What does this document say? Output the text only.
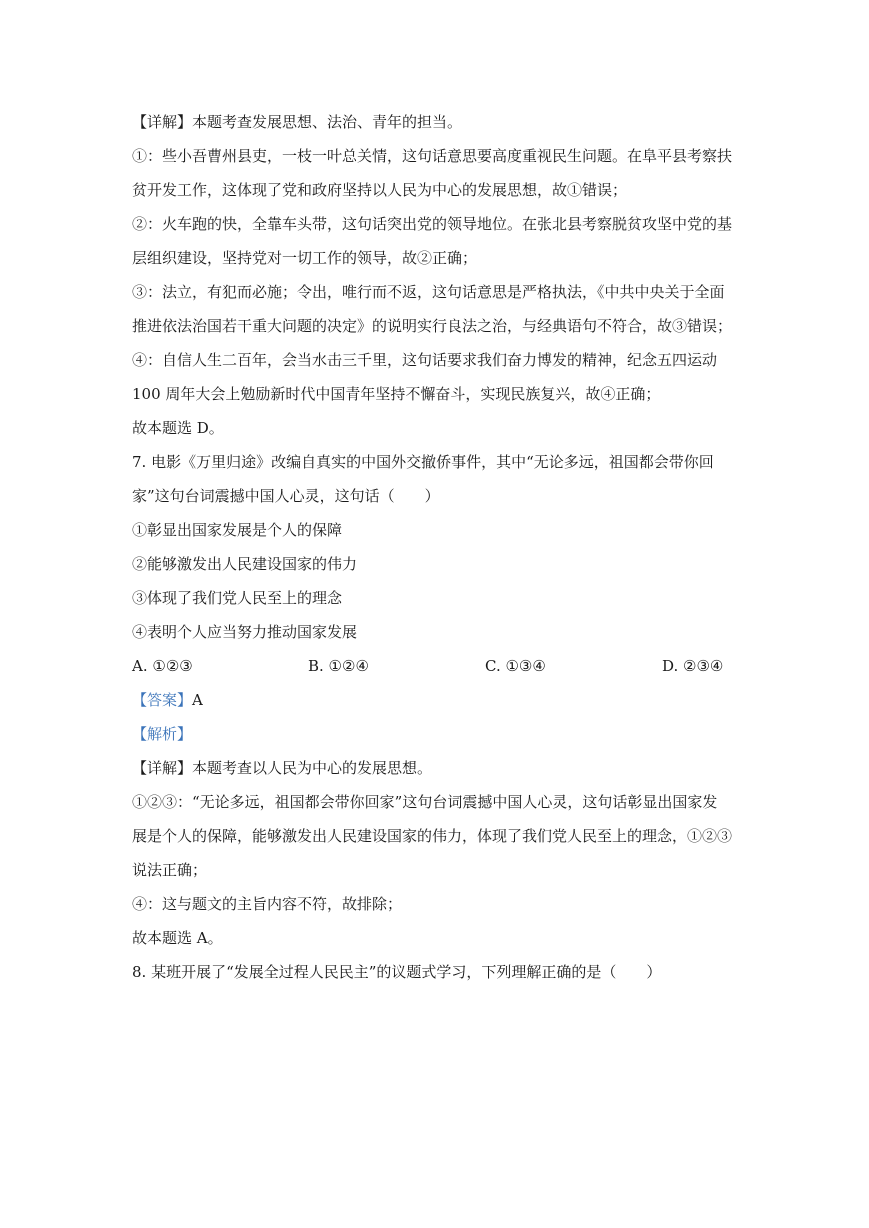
【详解】本题考查发展思想、法治、青年的担当。
①：些小吾曹州县吏，一枝一叶总关情，这句话意思要高度重视民生问题。在阜平县考察扶
贫开发工作，这体现了党和政府坚持以人民为中心的发展思想，故①错误；
②：火车跑的快，全靠车头带，这句话突出党的领导地位。在张北县考察脱贫攻坚中党的基
层组织建设，坚持党对一切工作的领导，故②正确；
③：法立，有犯而必施；令出，唯行而不返，这句话意思是严格执法，《中共中央关于全面
推进依法治国若干重大问题的决定》的说明实行良法之治，与经典语句不符合，故③错误；
④：自信人生二百年，会当水击三千里，这句话要求我们奋力博发的精神，纪念五四运动
100 周年大会上勉励新时代中国青年坚持不懈奋斗，实现民族复兴，故④正确；
故本题选 D。
7. 电影《万里归途》改编自真实的中国外交撤侨事件，其中“无论多远，祖国都会带你回
家”这句台词震撼中国人心灵，这句话（　　）
①彰显出国家发展是个人的保障
②能够激发出人民建设国家的伟力
③体现了我们党人民至上的理念
④表明个人应当努力推动国家发展
A. ①②③	B. ①②④	C. ①③④	D. ②③④
【答案】A
【解析】
【详解】本题考查以人民为中心的发展思想。
①②③：“无论多远，祖国都会带你回家”这句台词震撼中国人心灵，这句话彰显出国家发
展是个人的保障，能够激发出人民建设国家的伟力，体现了我们党人民至上的理念，①②③
说法正确；
④：这与题文的主旨内容不符，故排除；
故本题选 A。
8. 某班开展了“发展全过程人民民主”的议题式学习，下列理解正确的是（　　）
